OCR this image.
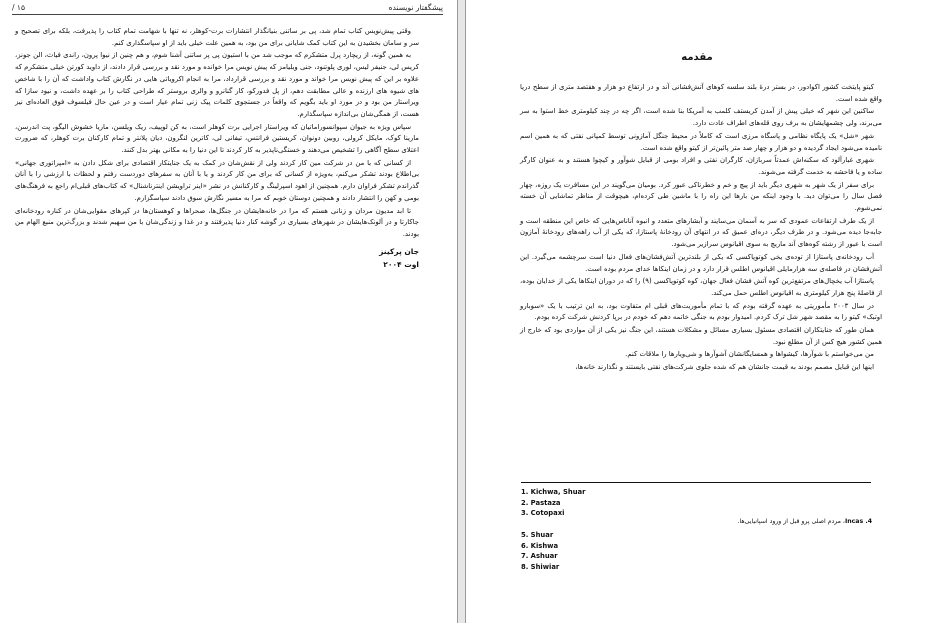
پیشگفتار نویسنده
۱۵ /

وقتی پیش‌نویس کتاب تمام شد، پی بر ساتنی بنیانگذار انتشارات برت-کوهلر، نه تنها با شهامت تمام کتاب را پذیرفت، بلکه برای تصحیح و سر و سامان بخشیدن به این کتاب کمک شایانی برای من بود، به همین علت خیلی باید از او سپاسگذاری کنم.

به همین گونه، از ریچارد پرل متشکرم که موجب شد من با استیون پی پر ساتنی آشنا شوم، و هم چنین از نیوا پرون، راندی فیاث، الن جونز، کریس لی، جنیفر لیس، لوری پلوتنود، جنی ویلیامز که پیش نویس مرا خوانده و مورد نقد و بررسی قرار دادند، از داوید کورتن خیلی متشکرم که علاوه بر این که پیش نویس مرا خواند و مورد نقد و بررسی قرارداد، مرا به انجام اکرویاتی هایی در نگارش کتاب واداشت که آن را با شاخص های شیوه های ارزنده و عالی مطابقت دهم، از پل فدورکو، کار گنانرو و والری بروستر که طراحی کتاب را بر عهده داشت، و نیود سازا که ویراستار من بود و در مورد او باید بگویم که واقعاً در جستجوی کلمات پیک زنی تمام عیار است و در عین حال فیلسوف فوق العاده‌ای نیز هست، از همگی‌شان بی‌اندازه سپاسگذارم.

سپاس ویژه به جیوان سپوانسوراماتیان که ویراستار اجرایی برت کوهلر است، به کن لوپیف، ریک ویلسن، ماریا خشوش ‌الیگو، پت اندرسن، مارینا کوک، مایکل کرولی، روبین دونوان، کریستین فرانتس، تیفانی لی، کاترین لنگرون، دیان پلانتر و تمام کارکنان برت کوهلر، که ضرورت اعتلای سطح آگاهی را تشخیص می‌دهند و خستگی‌ناپذیر به کار کردند تا این دنیا را به مکانی بهتر بدل کنند.

از کسانی که با من در شرکت مین کار کردند ولی از نقش‌شان در کمک به یک جنایتکار اقتصادی برای شکل دادن به «امپراتوری جهانی» بی‌اطلاع بودند تشکر می‌کنم، به‌ویژه از کسانی که برای من کار کردند و یا با آنان به سفرهای دوردست رفتم و لحظات با ارزشی را با آنان گذراندم تشکر فراوان دارم. همچنین از اهود اسپرلینگ و کارکنانش در نشر «اینر تراویشن اینترناشنال» که کتاب‌های قبلی‌ام راجع به فرهنگ‌های بومی و کهن را انتشار دادند و همچنین دوستان خوبم که مرا به مسیر نگارش سوق دادند سپاسگزارم.

تا ابد مدیون مردان و زنانی هستم که مرا در خانه‌هایشان در جنگل‌ها، صحراها و کوهستان‌ها در کپرهای مقوایی‌شان در کناره رودخانه‌ای جاکارتا و در آلونک‌هایشان در شهرهای بسیاری در گوشه کنار دنیا پذیرفتند و در غذا و زندگی‌شان با من سهیم شدند و بزرگ‌ترین منبع الهام من بودند.

جان پرکینز
اوت ۲۰۰۴
مقدمه

کیتو پایتخت کشور اکوادور، در بستر درهٔ بلند سلسه کوهای آتش‌فشانی آند و در ارتفاع دو هزار و هفتصد متری از سطح دریا واقع شده است.

ساکنین این شهر که خیلی پیش از آمدن کریستف کلمب به آمریکا بنا شده است، اگر چه در چند کیلومتری خط استوا به سر می‌برند، ولی چشمهایشان به برف روی قله‌های اطراف عادت دارد.

شهر «شل» یک پایگاه نظامی و پاسگاه مرزی است که کاملاً در محیط جنگل آمازونی توسط کمپانی نفتی که به همین اسم نامیده می‌شود ایجاد گردیده و دو هزار و چهار صد متر پائین‌تر از کیتو واقع شده است.

شهری غبارآلود که سکنه‌اش عمدتاً سربازان، کارگران نفتی و افراد بومی از قبایل شوآور و کیچوا هستند و به عنوان کارگر ساده و یا فاحشه به خدمت گرفته می‌شوند.

برای سفر از یک شهر به شهری دیگر باید از پیچ و خم و خطرناکی عبور کرد. بومیان می‌گویند در این مسافرت یک روزه، چهار فصل سال را می‌توان دید. با وجود اینکه من بارها این راه را با ماشین طی کرده‌ام، هیچوقت از مناظر تماشایی آن خسته نمی‌شوم.

از یک طرف ارتفاعات عمودی که سر به آسمان می‌سایند و آبشارهای متعدد و انبوه آناناس‌هایی که خاص این منطقه است و جابه‌جا دیده می‌شود. و در طرف دیگر، دره‌ای عمیق که در انتهای آن رودخانهٔ پاستازا، که یکی از آب راهه‌های رودخانهٔ آمازون است با عبور از رشته کوه‌های آند ماریچ به سوی اقیانوس سرازیر می‌شود.

آب رودخانه‌ی پاستازا از توده‌ی یخی کوتوپاکسی که یکی از بلندترین آتش‌فشان‌های فعال دنیا است سرچشمه می‌گیرد. این آتش‌فشان در فاصله‌ی سه هزارمایلی اقیانوس اطلس قرار دارد و در زمان اینکاها خدای مردم بوده است.

پاستازا آب یخچال‌های مرتفع‌ترین کوه آتش فشان فعال جهان، کوه کوتوپاکسی (۹) را که در دوران اینکاها یکی از خدایان بوده، از فاصلهٔ پنج هزار کیلومتری به اقیانوس اطلس حمل می‌کند.

در سال ۲۰۰۳ مأموریتی به عهده گرفته بودم که با تمام مأموریت‌های قبلی ام متفاوت بود، به این ترتیب با یک «سوبارو اوتبک» کیتو را به مقصد شهر شل ترک کردم. امیدوار بودم به جنگی خاتمه دهم که خودم در برپا کردنش شرکت کرده بودم.

همان طور که جنایتکاران اقتصادی مسئول بسیاری مسائل و مشکلات هستند، این جنگ نیز یکی از آن مواردی بود که خارج از همین کشور هیچ کس از آن مطلع نبود.

من می‌خواستم با شوآرها، کیشواها و همسایگانشان آشوآرها و شی‌ویارها را ملاقات کنم.

اینها این قبایل مصمم بودند به قیمت جانشان هم که شده جلوی شرکت‌های نفتی بایستند و نگذارند خانه‌ها،

1. Kichwa, Shuar
2. Pastaza
3. Cotopaxi
4. Incas، مردم اصلی پرو قبل از ورود اسپانیایی‌ها.
5. Shuar
6. Kishwa
7. Ashuar
8. Shiwiar
